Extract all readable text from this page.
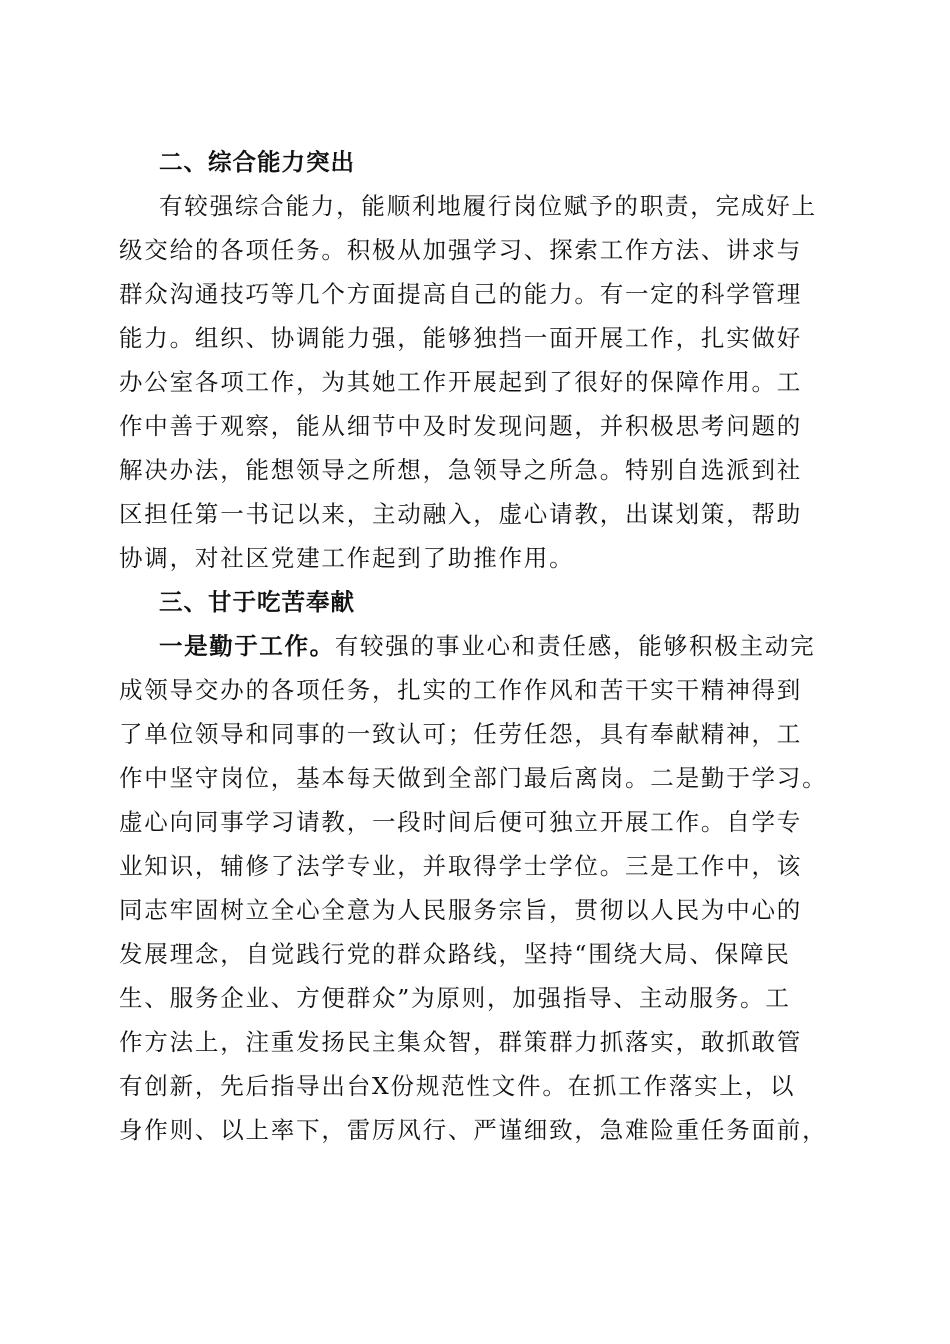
二、综合能力突出
有较强综合能力，能顺利地履行岗位赋予的职责，完成好上
级交给的各项任务。积极从加强学习、探索工作方法、讲求与
群众沟通技巧等几个方面提高自己的能力。有一定的科学管理
能力。组织、协调能力强，能够独挡一面开展工作，扎实做好
办公室各项工作，为其她工作开展起到了很好的保障作用。工
作中善于观察，能从细节中及时发现问题，并积极思考问题的
解决办法，能想领导之所想，急领导之所急。特别自选派到社
区担任第一书记以来，主动融入，虚心请教，出谋划策，帮助
协调，对社区党建工作起到了助推作用。
三、甘于吃苦奉献
一是勤于工作。有较强的事业心和责任感，能够积极主动完
成领导交办的各项任务，扎实的工作作风和苦干实干精神得到
了单位领导和同事的一致认可；任劳任怨，具有奉献精神，工
作中坚守岗位，基本每天做到全部门最后离岗。二是勤于学习。
虚心向同事学习请教，一段时间后便可独立开展工作。自学专
业知识，辅修了法学专业，并取得学士学位。三是工作中，该
同志牢固树立全心全意为人民服务宗旨，贯彻以人民为中心的
发展理念，自觉践行党的群众路线，坚持“围绕大局、保障民
生、服务企业、方便群众”为原则，加强指导、主动服务。工
作方法上，注重发扬民主集众智，群策群力抓落实，敢抓敢管
有创新，先后指导出台X份规范性文件。在抓工作落实上，以
身作则、以上率下，雷厉风行、严谨细致，急难险重任务面前，
